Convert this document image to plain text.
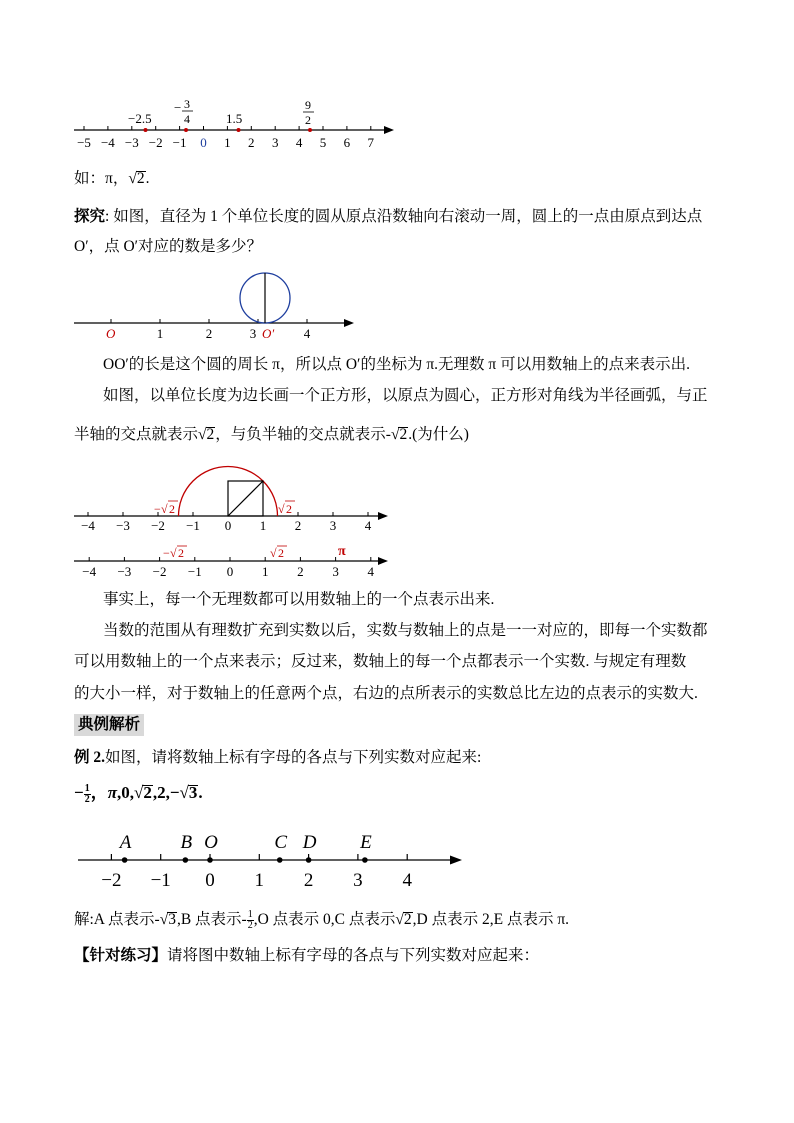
−5 −4 −3 −2 −1 0 1 2 3 4 5 6 7
−2.5
− 3
4	1.5
9
2
如：π，√2.
探究: 如图，直径为 1 个单位长度的圆从原点沿数轴向右滚动一周，圆上的一点由原点到达点
O′，点 O′对应的数是多少？
1	2	3	4
O	O′
OO′的长是这个圆的周长 π，所以点 O′的坐标为 π.无理数 π 可以用数轴上的点来表示出.
如图，以单位长度为边长画一个正方形，以原点为圆心，正方形对角线为半径画弧，与正
半轴的交点就表示√2，与负半轴的交点就表示-√2.(为什么)
−4 −3 −2 −1 0 1 2 3 4
− √ 2	√ 2
−4 −3 −2 −1 0 1 2 3 4
− √ 2	√ 2	π
事实上，每一个无理数都可以用数轴上的一个点表示出来.
当数的范围从有理数扩充到实数以后，实数与数轴上的点是一一对应的，即每一个实数都
可以用数轴上的一个点来表示；反过来，数轴上的每一个点都表示一个实数. 与规定有理数
的大小一样，对于数轴上的任意两个点，右边的点所表示的实数总比左边的点表示的实数大.
典例解析
例 2.如图，请将数轴上标有字母的各点与下列实数对应起来:
− $\frac{1}{2}$ ，π,0,√2,2,−√3.
−2 −1 0 1 2 3 4
A	B O	C D E
解:A 点表示-√3,B 点表示- $\frac{1}{2} ,O$ 点表示 0,C 点表示√2,D 点表示 2,E 点表示 π.
【针对练习】请将图中数轴上标有字母的各点与下列实数对应起来：
